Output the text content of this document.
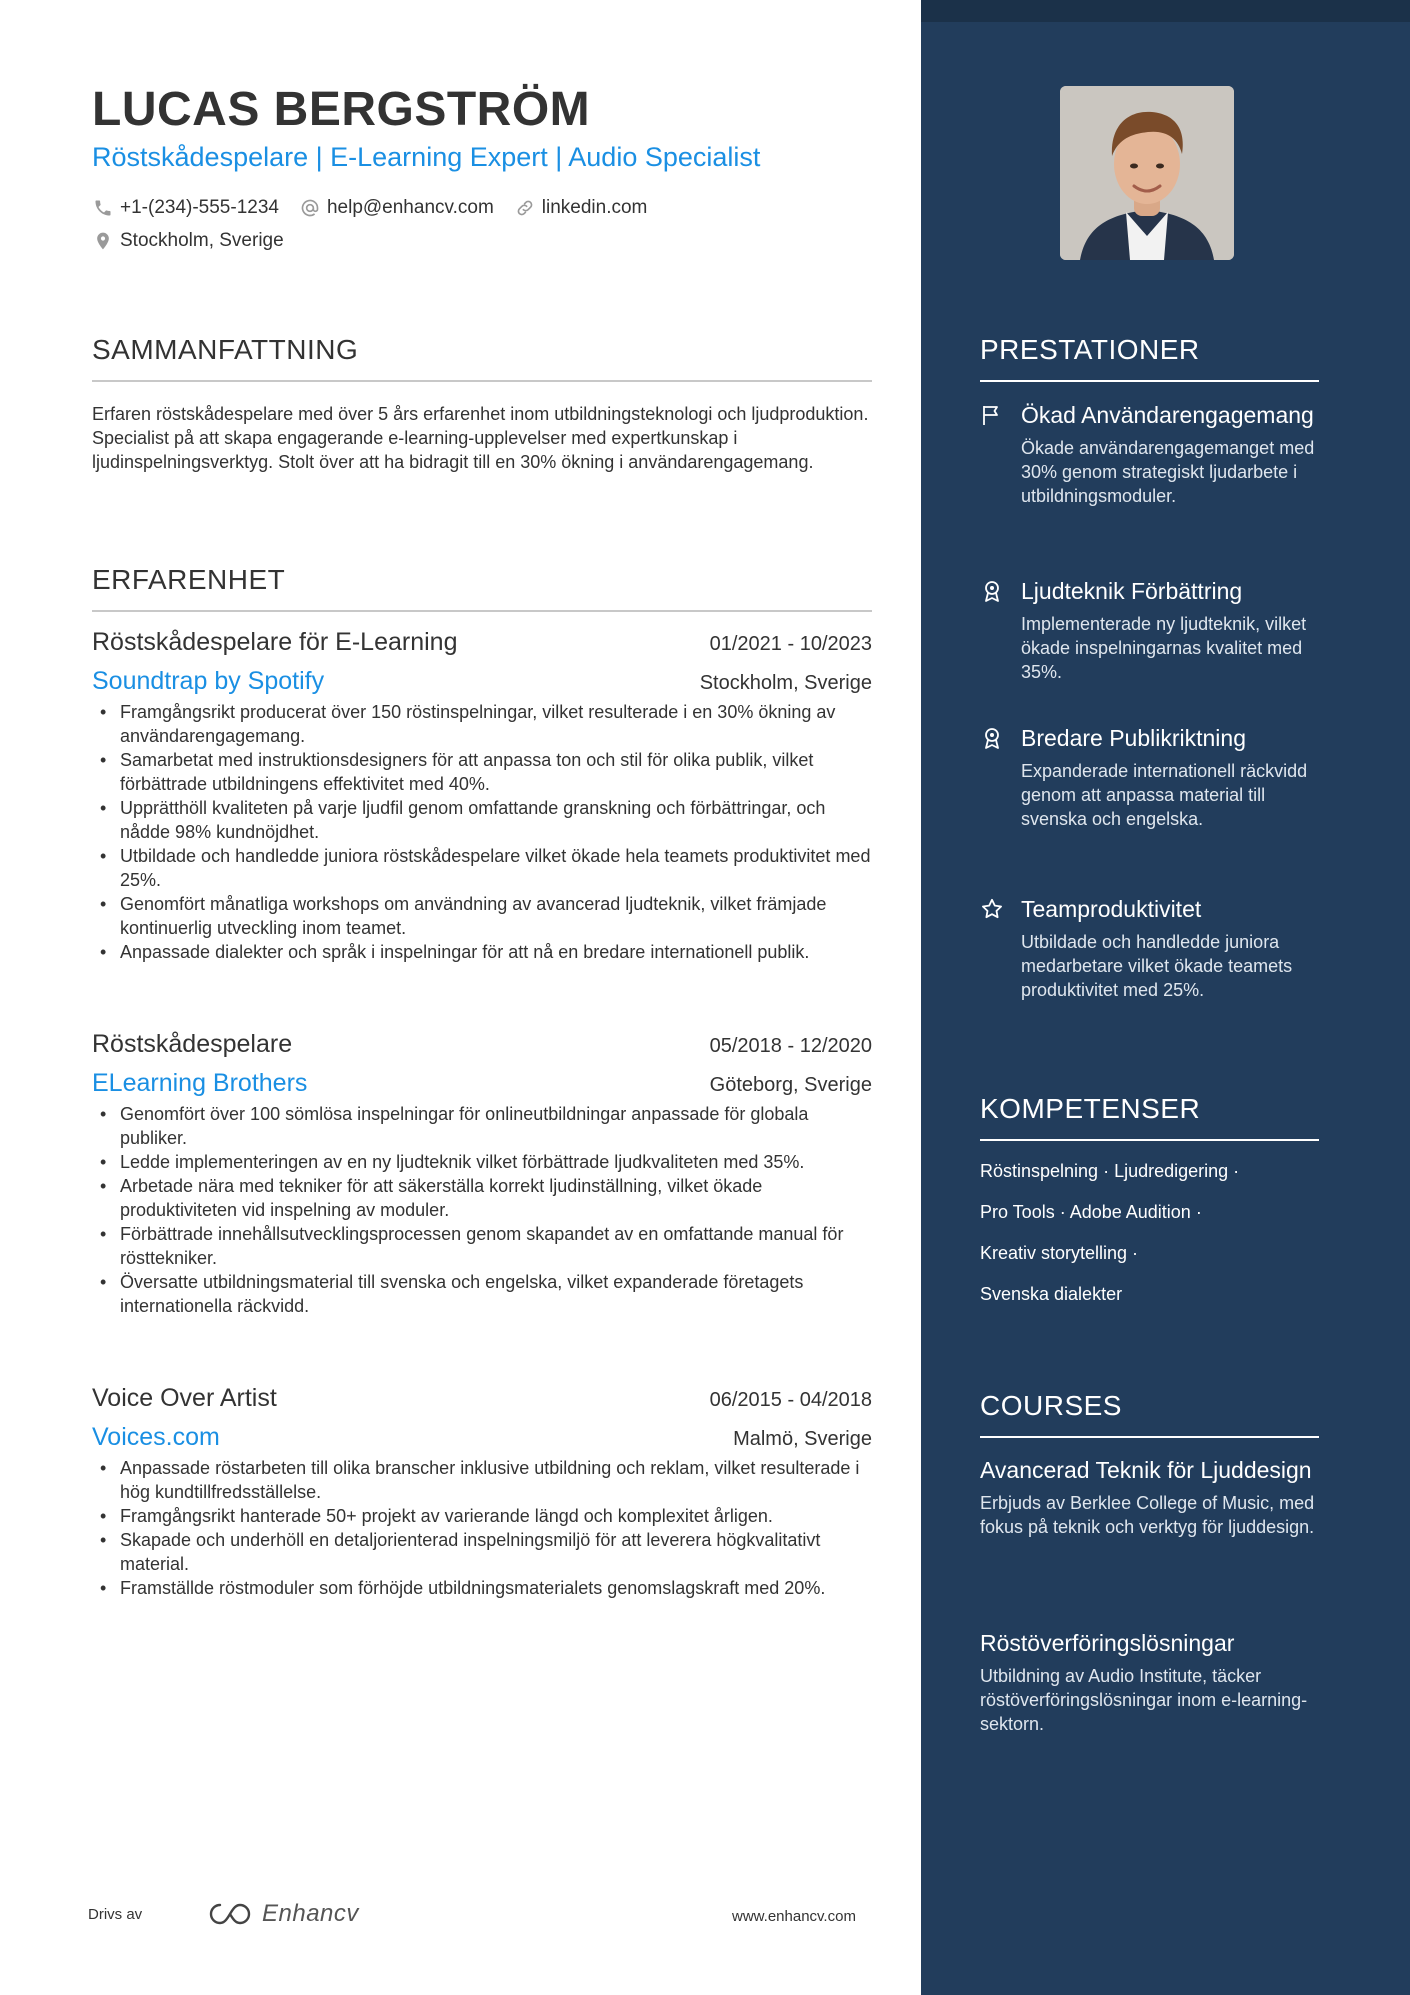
LUCAS BERGSTRÖM
Röstskådespelare | E-Learning Expert | Audio Specialist
+1-(234)-555-1234	help@enhancv.com	linkedin.com
Stockholm, Sverige
SAMMANFATTNING
Erfaren röstskådespelare med över 5 års erfarenhet inom utbildningsteknologi och ljudproduktion. Specialist på att skapa engagerande e-learning-upplevelser med expertkunskap i ljudinspelningsverktyg. Stolt över att ha bidragit till en 30% ökning i användarengagemang.
ERFARENHET
Röstskådespelare för E-Learning	01/2021 - 10/2023
Soundtrap by Spotify	Stockholm, Sverige
• Framgångsrikt producerat över 150 röstinspelningar, vilket resulterade i en 30% ökning av användarengagemang.
• Samarbetat med instruktionsdesigners för att anpassa ton och stil för olika publik, vilket förbättrade utbildningens effektivitet med 40%.
• Upprätthöll kvaliteten på varje ljudfil genom omfattande granskning och förbättringar, och nådde 98% kundnöjdhet.
• Utbildade och handledde juniora röstskådespelare vilket ökade hela teamets produktivitet med 25%.
• Genomfört månatliga workshops om användning av avancerad ljudteknik, vilket främjade kontinuerlig utveckling inom teamet.
• Anpassade dialekter och språk i inspelningar för att nå en bredare internationell publik.
Röstskådespelare	05/2018 - 12/2020
ELearning Brothers	Göteborg, Sverige
• Genomfört över 100 sömlösa inspelningar för onlineutbildningar anpassade för globala publiker.
• Ledde implementeringen av en ny ljudteknik vilket förbättrade ljudkvaliteten med 35%.
• Arbetade nära med tekniker för att säkerställa korrekt ljudinställning, vilket ökade produktiviteten vid inspelning av moduler.
• Förbättrade innehållsutvecklingsprocessen genom skapandet av en omfattande manual för rösttekniker.
• Översatte utbildningsmaterial till svenska och engelska, vilket expanderade företagets internationella räckvidd.
Voice Over Artist	06/2015 - 04/2018
Voices.com	Malmö, Sverige
• Anpassade röstarbeten till olika branscher inklusive utbildning och reklam, vilket resulterade i hög kundtillfredsställelse.
• Framgångsrikt hanterade 50+ projekt av varierande längd och komplexitet årligen.
• Skapade och underhöll en detaljorienterad inspelningsmiljö för att leverera högkvalitativt material.
• Framställde röstmoduler som förhöjde utbildningsmaterialets genomslagskraft med 20%.
Drivs av	Enhancv	www.enhancv.com
PRESTATIONER
Ökad Användarengagemang
Ökade användarengagemanget med 30% genom strategiskt ljudarbete i utbildningsmoduler.
Ljudteknik Förbättring
Implementerade ny ljudteknik, vilket ökade inspelningarnas kvalitet med 35%.
Bredare Publikriktning
Expanderade internationell räckvidd genom att anpassa material till svenska och engelska.
Teamproduktivitet
Utbildade och handledde juniora medarbetare vilket ökade teamets produktivitet med 25%.
KOMPETENSER
Röstinspelning · Ljudredigering ·
Pro Tools · Adobe Audition ·
Kreativ storytelling ·
Svenska dialekter
COURSES
Avancerad Teknik för Ljuddesign
Erbjuds av Berklee College of Music, med fokus på teknik och verktyg för ljuddesign.
Röstöverföringslösningar
Utbildning av Audio Institute, täcker röstöverföringslösningar inom e-learning-sektorn.
